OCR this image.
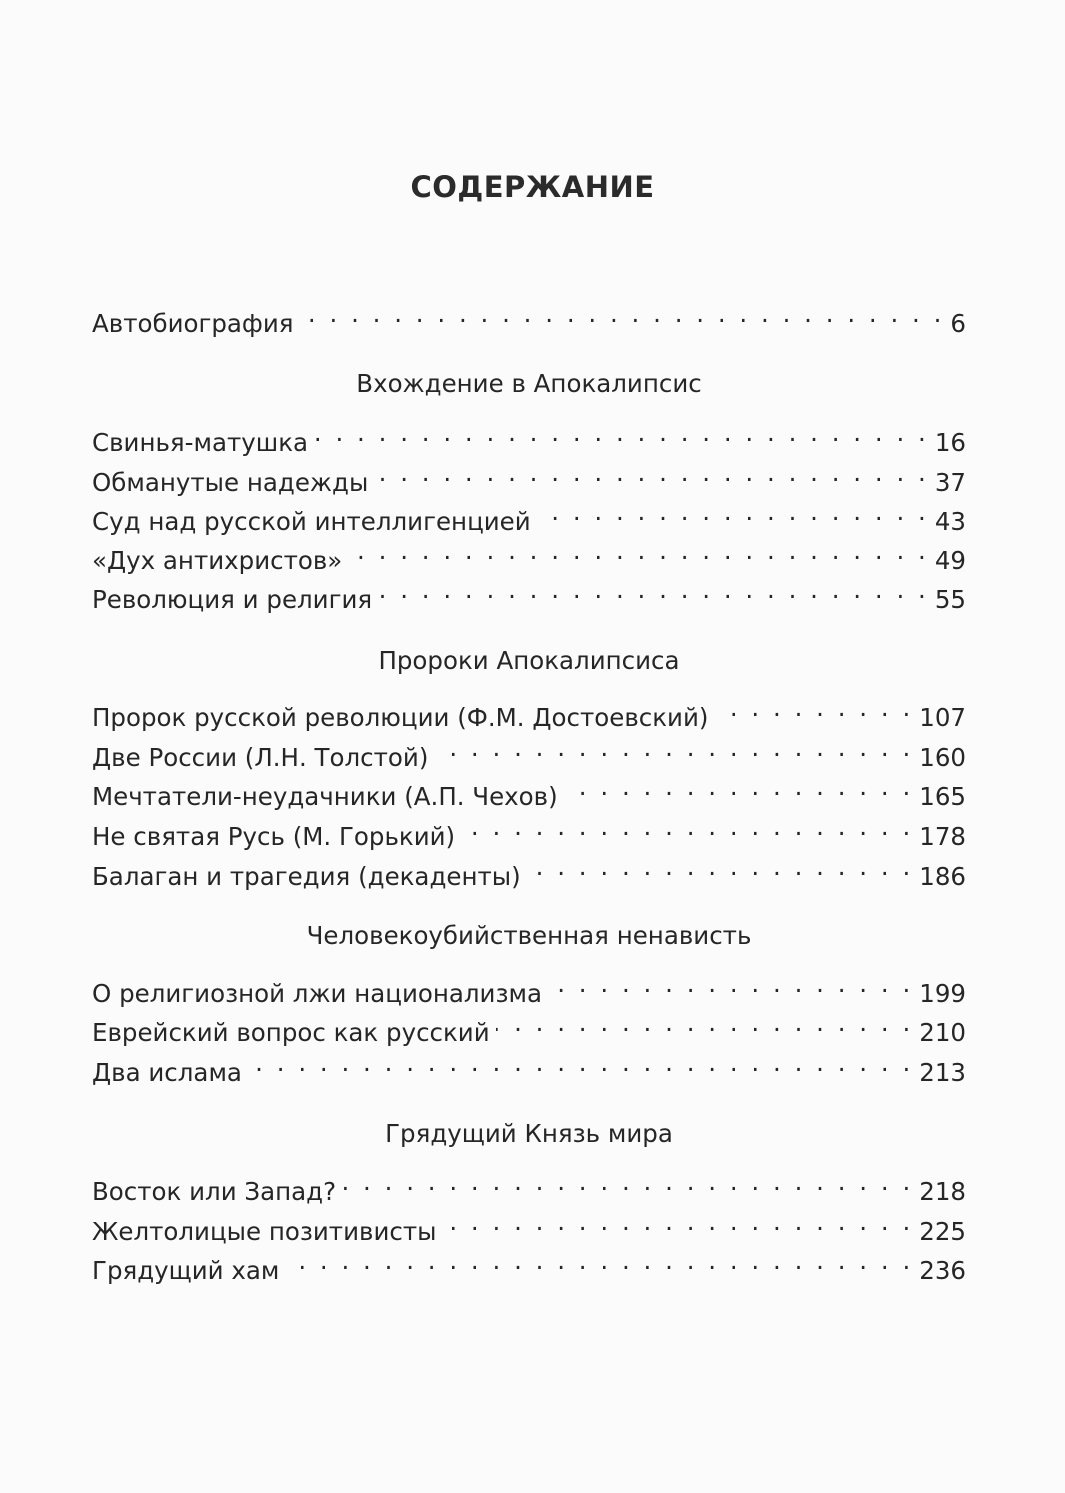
СОДЕРЖАНИЕ
Автобиография . . .	6
Вхождение в Апокалипсис
Свинья-матушка . . .	16
Обманутые надежды . . .	37
Суд над русской интеллигенцией . . .	43
«Дух антихристов» . . .	49
Революция и религия . . .	55
Пророки Апокалипсиса
Пророк русской революции (Ф.М. Достоевский) . . .	107
Две России (Л.Н. Толстой) . . .	160
Мечтатели-неудачники (А.П. Чехов) . . .	165
Не святая Русь (М. Горький) . . .	178
Балаган и трагедия (декаденты) . . .	186
Человекоубийственная ненависть
О религиозной лжи национализма . . .	199
Еврейский вопрос как русский . . .	210
Два ислама . . .	213
Грядущий Князь мира
Восток или Запад? . . .	218
Желтолицые позитивисты . . .	225
Грядущий хам . . .	236
